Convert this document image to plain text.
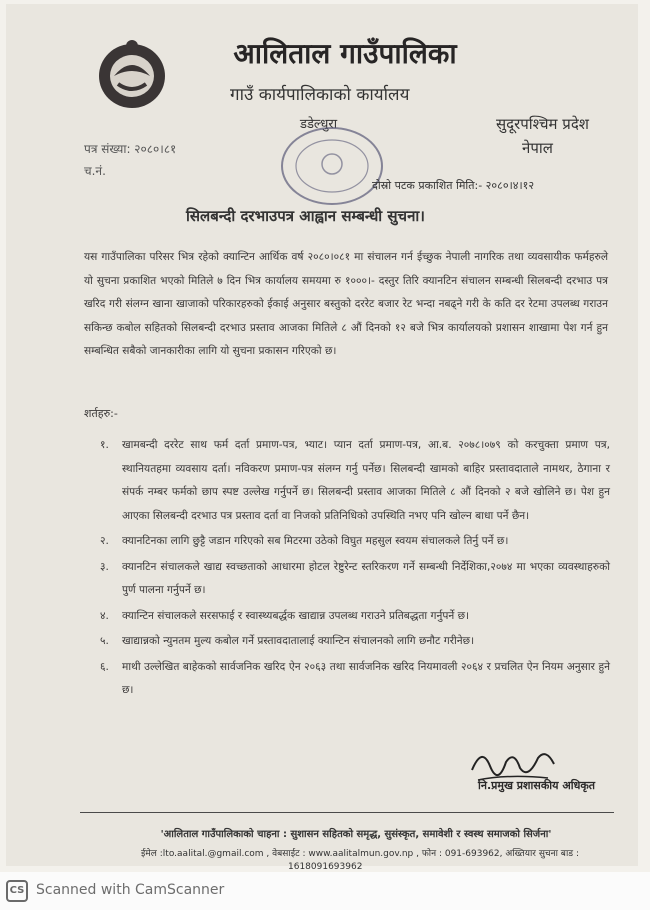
आलिताल गाउँपालिका
गाउँ कार्यपालिकाको कार्यालय
डडेल्धुरा	सुदूरपश्चिम प्रदेश
नेपाल
पत्र संख्या: २०८०।८१
च.नं.
दोस्रो पटक प्रकाशित मिति:- २०८०।४।१२
सिलबन्दी दरभाउपत्र आह्वान सम्बन्धी सुचना।
यस गाउँपालिका परिसर भित्र रहेको क्यान्टिन आर्थिक वर्ष २०८०।०८१ मा संचालन गर्न ईच्छुक नेपाली नागरिक तथा व्यवसायीक फर्महरुले यो सुचना प्रकाशित भएको मितिले ७ दिन भित्र कार्यालय समयमा रु १०००।- दस्तुर तिरि क्यानटिन संचालन सम्बन्धी सिलबन्दी दरभाउ पत्र खरिद गरी संलग्न खाना खाजाको परिकारहरुको ईकाई अनुसार बस्तुको दररेट बजार रेट भन्दा नबढ्ने गरी के कति दर रेटमा उपलब्ध गराउन सकिन्छ कबोल सहितको सिलबन्दी दरभाउ प्रस्ताव आजका मितिले ८ औं दिनको १२ बजे भित्र कार्यालयको प्रशासन शाखामा पेश गर्न हुन सम्बन्धित सबैको जानकारीका लागि यो सुचना प्रकासन गरिएको छ।
शर्तहरु:-
१.	खामबन्दी दररेट साथ फर्म दर्ता प्रमाण-पत्र, भ्याट। प्यान दर्ता प्रमाण-पत्र, आ.ब. २०७८।०७९ को करचुक्ता प्रमाण पत्र, स्थानियतहमा व्यवसाय दर्ता। नविकरण प्रमाण-पत्र संलग्न गर्नु पर्नेछ। सिलबन्दी खामको बाहिर प्रस्तावदाताले नामथर, ठेगाना र संपर्क नम्बर फर्मको छाप स्पष्ट उल्लेख गर्नुपर्ने छ। सिलबन्दी प्रस्ताव आजका मितिले ८ औं दिनको २ बजे खोलिने छ। पेश हुन आएका सिलबन्दी दरभाउ पत्र प्रस्ताव दर्ता वा निजको प्रतिनिधिको उपस्थिति नभए पनि खोल्न बाधा पर्ने छैन।
२.	क्यानटिनका लागि छुट्टै जडान गरिएको सब मिटरमा उठेको विघुत महसुल स्वयम संचालकले तिर्नु पर्ने छ।
३.	क्यानटिन संचालकले खाद्य स्वच्छताको आधारमा होटल रेष्टुरेन्ट स्तरिकरण गर्ने सम्बन्धी निर्देशिका,२०७४ मा भएका व्यवस्थाहरुको पुर्ण पालना गर्नुपर्ने छ।
४.	क्यान्टिन संचालकले सरसफाई र स्वास्थ्यबर्द्धक खाद्यान्न उपलब्ध गराउने प्रतिबद्धता गर्नुपर्ने छ।
५.	खाद्यान्नको न्युनतम मुल्य कबोल गर्ने प्रस्तावदातालाई क्यान्टिन संचालनको लागि छनौट गरीनेछ।
६.	माथी उल्लेखित बाहेकको सार्वजनिक खरिद ऐन २०६३ तथा सार्वजनिक खरिद नियमावली २०६४ र प्रचलित ऐन नियम अनुसार हुने छ।
नि.प्रमुख प्रशासकीय अधिकृत
'आलिताल गाउँपालिकाको चाहना : सुशासन सहितको समृद्ध, सुसंस्कृत, समावेशी र स्वस्थ समाजको सिर्जना'
ईमेल :lto.aalital.@gmail.com , वेबसाईट : www.aalitalmun.gov.np , फोन : 091-693962, अख्तियार सुचना बाड :
1618091693962
CS Scanned with CamScanner
